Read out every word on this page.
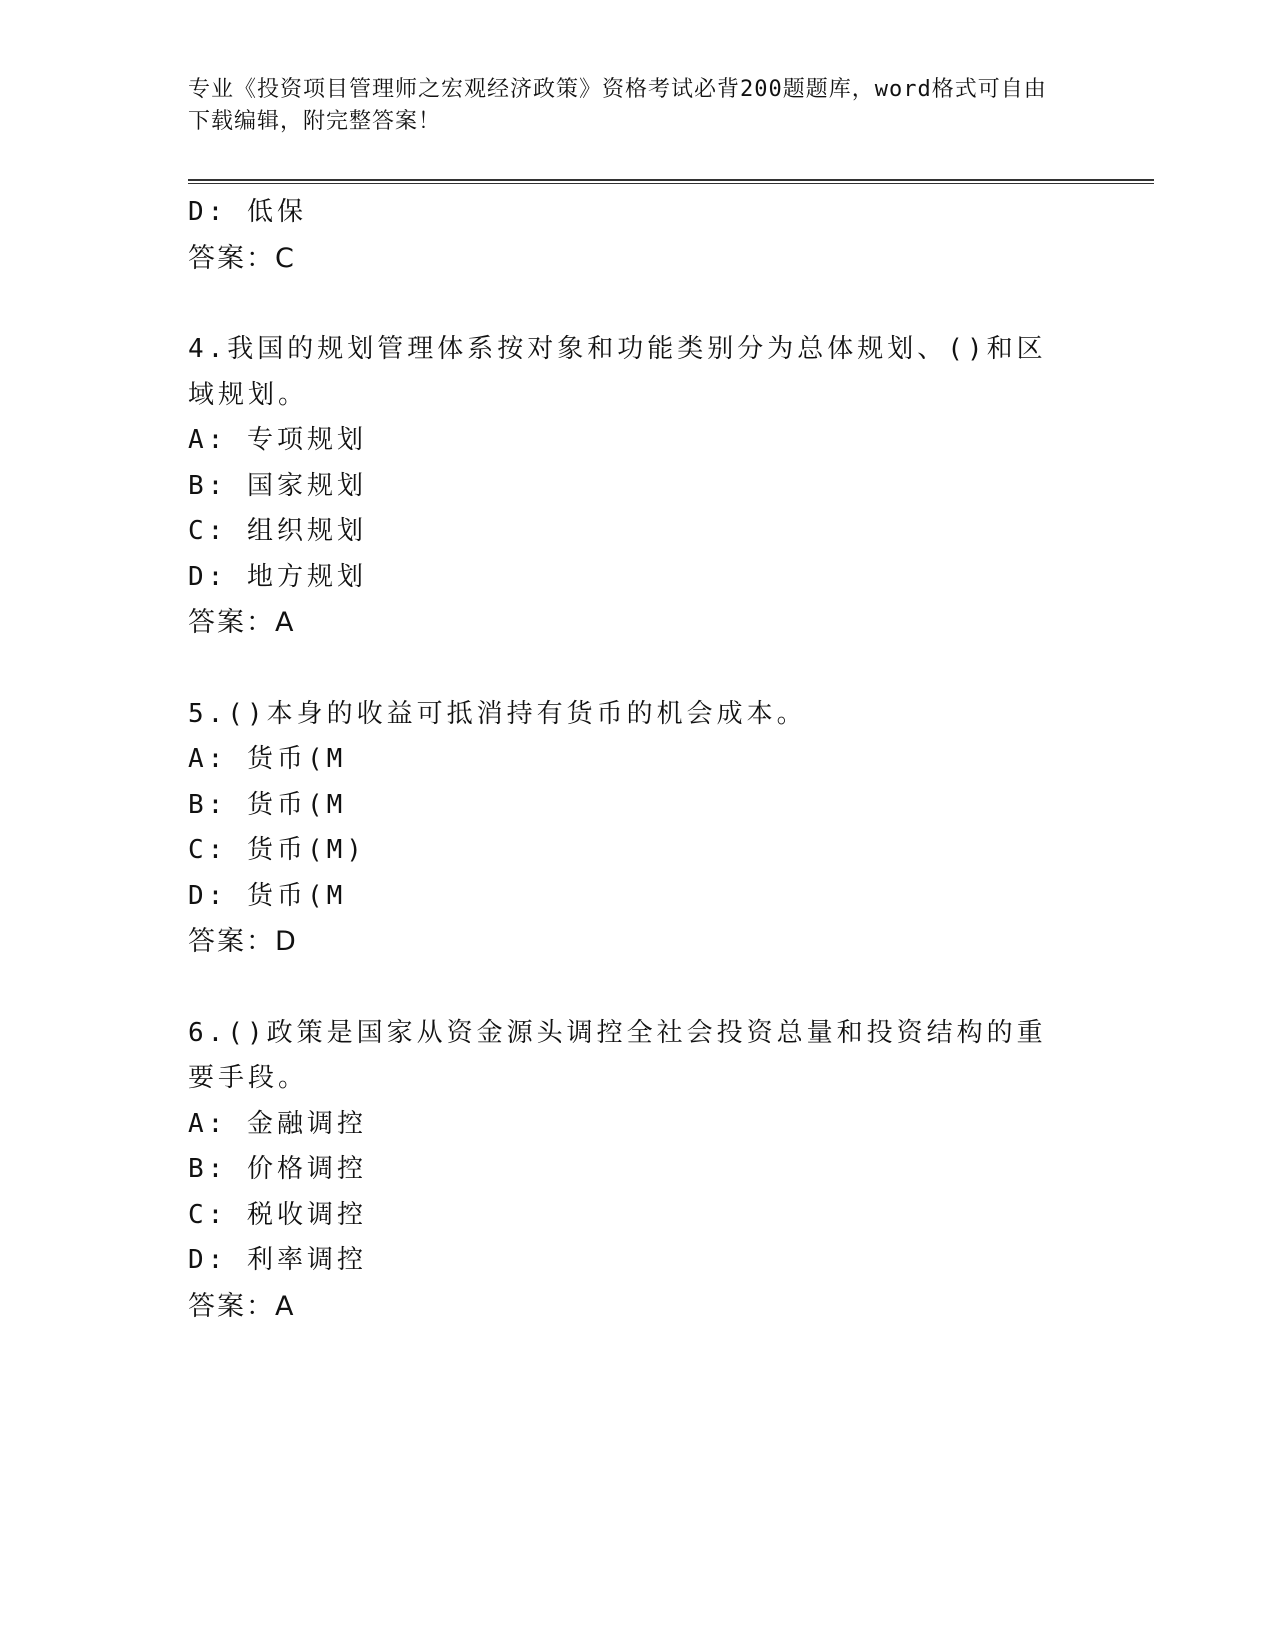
专业《投资项目管理师之宏观经济政策》资格考试必背200题题库，word格式可自由下载编辑，附完整答案！
D: 低保
答案：C
4.我国的规划管理体系按对象和功能类别分为总体规划、()和区域规划。
A: 专项规划
B: 国家规划
C: 组织规划
D: 地方规划
答案：A
5.()本身的收益可抵消持有货币的机会成本。
A: 货币(M
B: 货币(M
C: 货币(M)
D: 货币(M
答案：D
6.()政策是国家从资金源头调控全社会投资总量和投资结构的重要手段。
A: 金融调控
B: 价格调控
C: 税收调控
D: 利率调控
答案：A
